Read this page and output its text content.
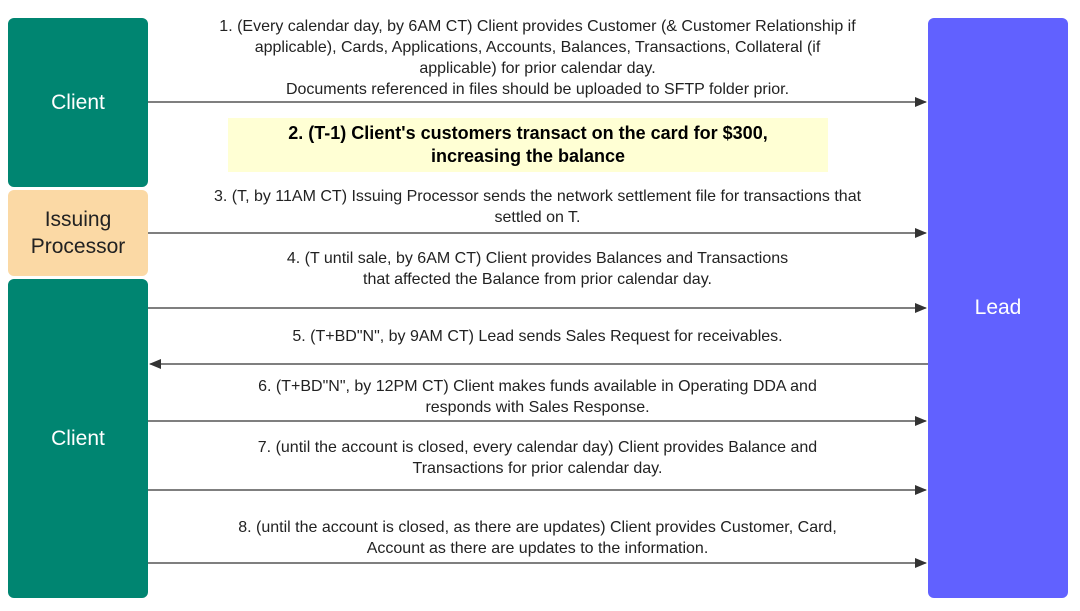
Client
Issuing
Processor
Client
Lead
2. (T-1) Client's customers transact on the card for $300,
increasing the balance
1. (Every calendar day, by 6AM CT) Client provides Customer (& Customer Relationship if
applicable), Cards, Applications, Accounts, Balances, Transactions, Collateral (if
applicable) for prior calendar day.
Documents referenced in files should be uploaded to SFTP folder prior.
3. (T, by 11AM CT) Issuing Processor sends the network settlement file for transactions that
settled on T.
4. (T until sale, by 6AM CT) Client provides Balances and Transactions
that affected the Balance from prior calendar day.
5. (T+BD"N", by 9AM CT) Lead sends Sales Request for receivables.
6. (T+BD"N", by 12PM CT) Client makes funds available in Operating DDA and
responds with Sales Response.
7. (until the account is closed, every calendar day) Client provides Balance and
Transactions for prior calendar day.
8. (until the account is closed, as there are updates) Client provides Customer, Card,
Account as there are updates to the information.
